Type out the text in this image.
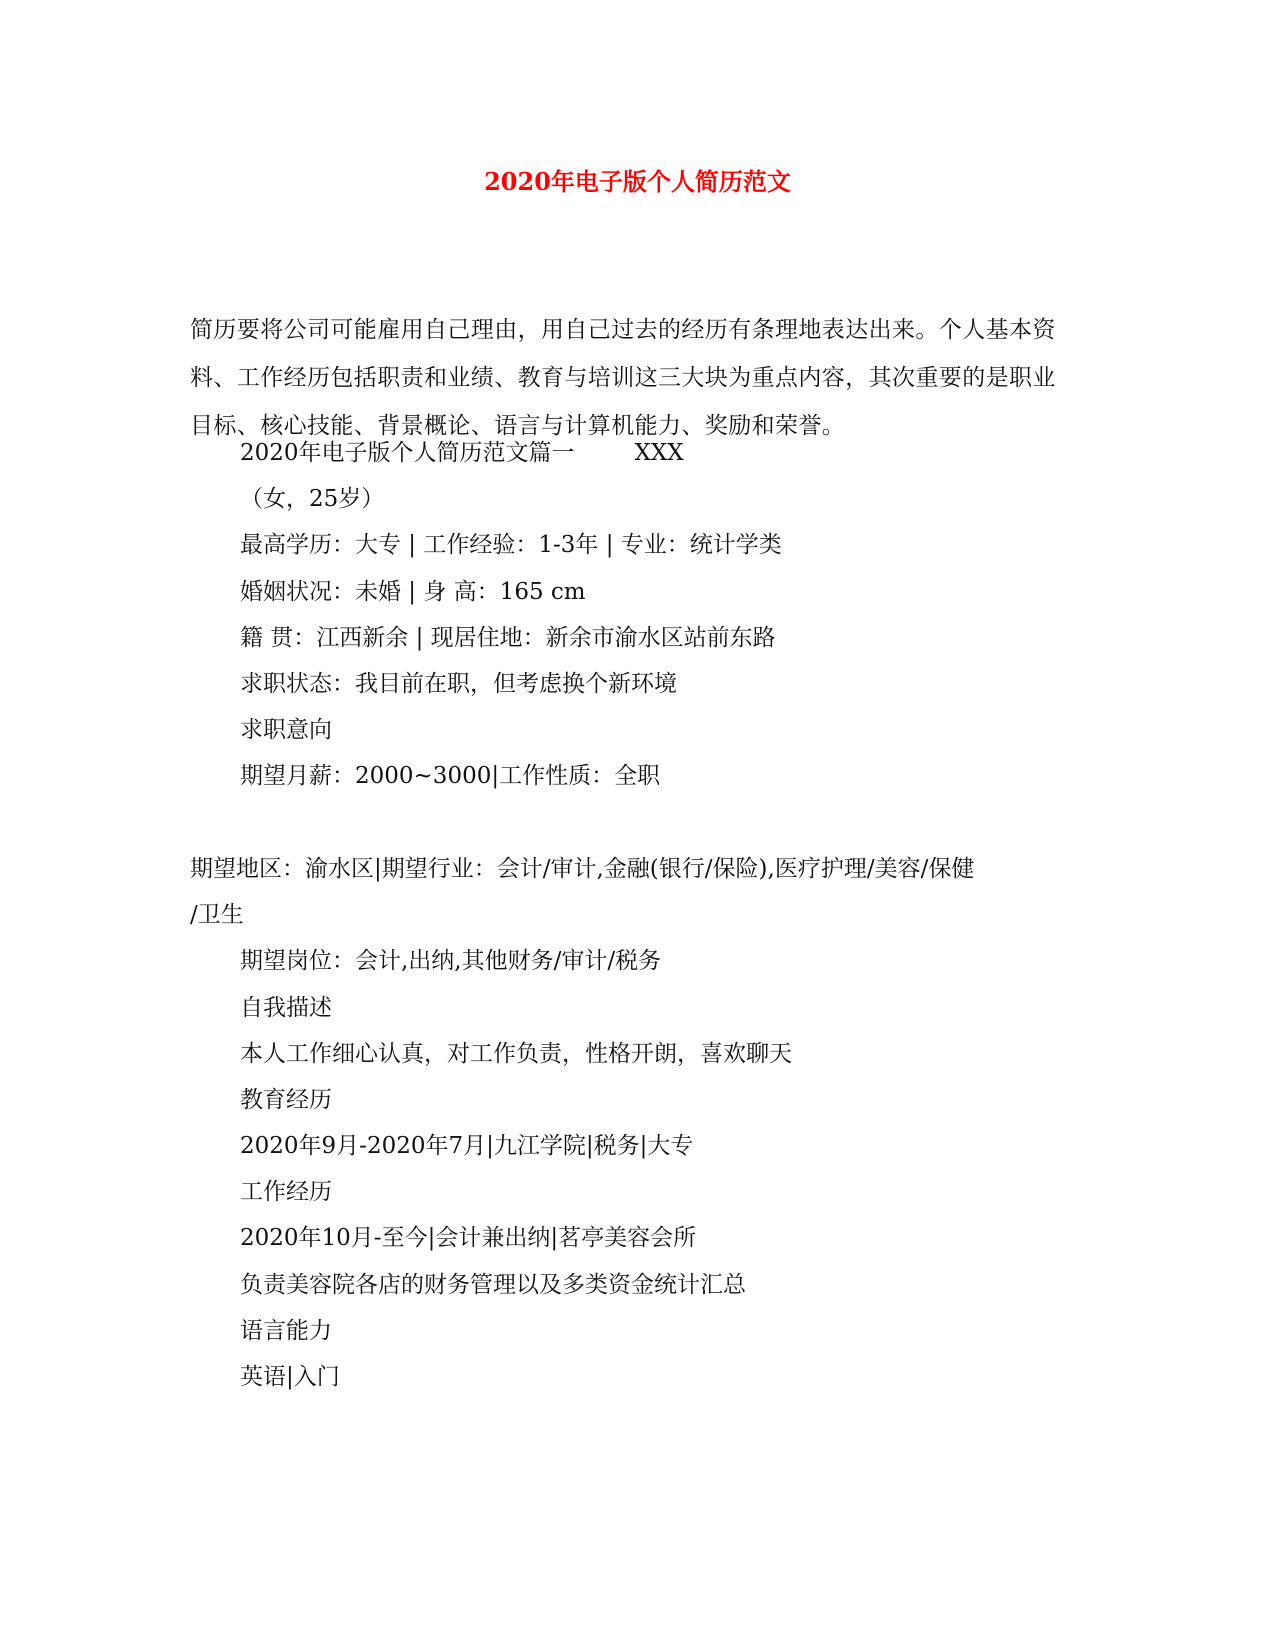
2020年电子版个人简历范文

简历要将公司可能雇用自己理由，用自己过去的经历有条理地表达出来。个人基本资料、工作经历包括职责和业绩、教育与培训这三大块为重点内容，其次重要的是职业目标、核心技能、背景概论、语言与计算机能力、奖励和荣誉。

2020年电子版个人简历范文篇一	XXX
（女，25岁）
最高学历：大专 | 工作经验：1-3年 | 专业：统计学类
婚姻状况：未婚 | 身 高：165 cm
籍 贯：江西新余 | 现居住地：新余市渝水区站前东路
求职状态：我目前在职，但考虑换个新环境
求职意向
期望月薪：2000~3000|工作性质：全职
期望地区：渝水区|期望行业：会计/审计,金融(银行/保险),医疗护理/美容/保健
/卫生
期望岗位：会计,出纳,其他财务/审计/税务
自我描述
本人工作细心认真，对工作负责，性格开朗，喜欢聊天
教育经历
2020年9月-2020年7月|九江学院|税务|大专
工作经历
2020年10月-至今|会计兼出纳|茗亭美容会所
负责美容院各店的财务管理以及多类资金统计汇总
语言能力
英语|入门
